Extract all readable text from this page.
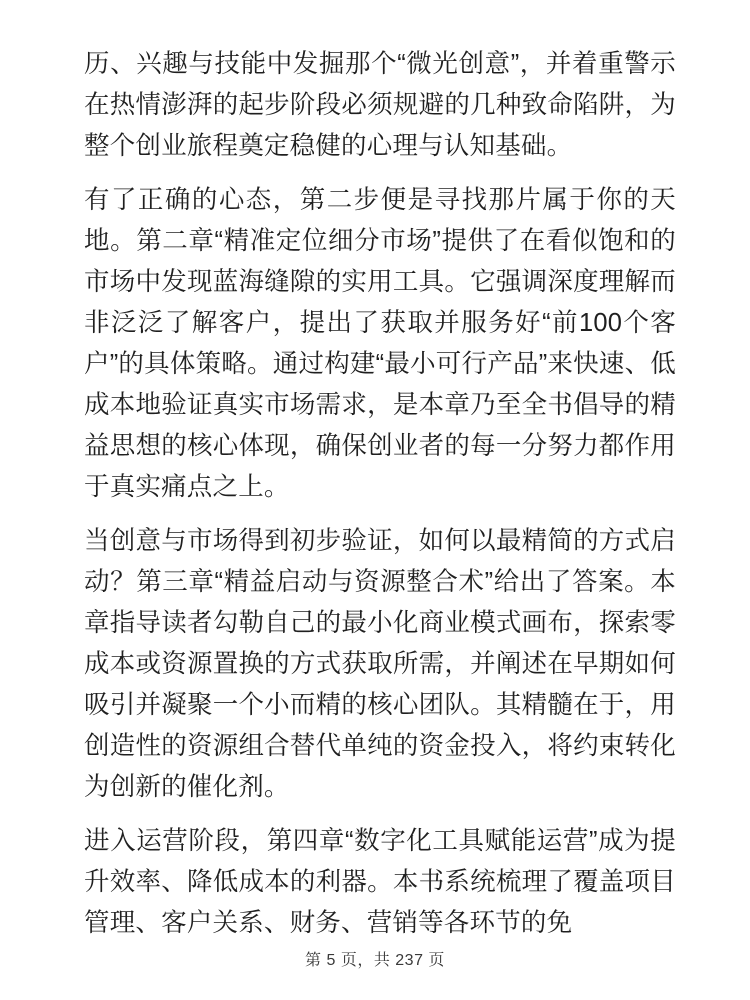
历、兴趣与技能中发掘那个“微光创意”，并着重警示在热情澎湃的起步阶段必须规避的几种致命陷阱，为整个创业旅程奠定稳健的心理与认知基础。

有了正确的心态，第二步便是寻找那片属于你的天地。第二章“精准定位细分市场”提供了在看似饱和的市场中发现蓝海缝隙的实用工具。它强调深度理解而非泛泛了解客户，提出了获取并服务好“前100个客户”的具体策略。通过构建“最小可行产品”来快速、低成本地验证真实市场需求，是本章乃至全书倡导的精益思想的核心体现，确保创业者的每一分努力都作用于真实痛点之上。

当创意与市场得到初步验证，如何以最精简的方式启动？第三章“精益启动与资源整合术”给出了答案。本章指导读者勾勒自己的最小化商业模式画布，探索零成本或资源置换的方式获取所需，并阐述在早期如何吸引并凝聚一个小而精的核心团队。其精髓在于，用创造性的资源组合替代单纯的资金投入，将约束转化为创新的催化剂。

进入运营阶段，第四章“数字化工具赋能运营”成为提升效率、降低成本的利器。本书系统梳理了覆盖项目管理、客户关系、财务、营销等各环节的免

第 5 页，共 237 页
